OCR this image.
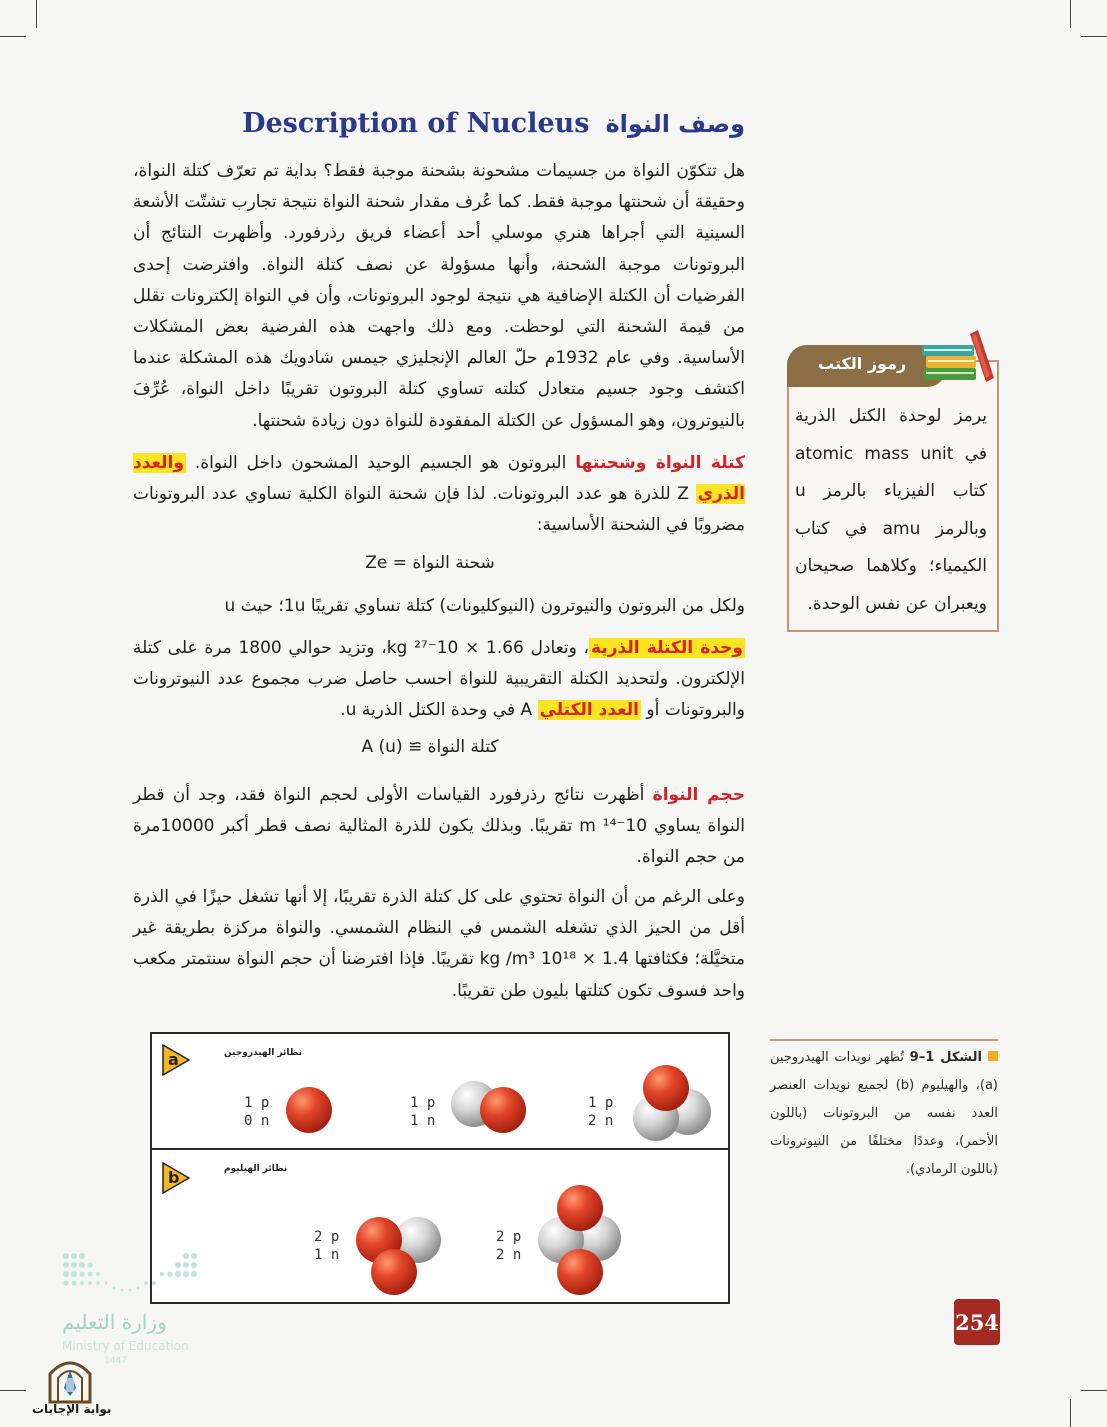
وصف النواة
Description of Nucleus

هل تتكوّن النواة من جسيمات مشحونة بشحنة موجبة فقط؟ بداية تم تعرّف كتلة النواة، وحقيقة أن شحنتها موجبة فقط. كما عُرف مقدار شحنة النواة نتيجة تجارب تشتّت الأشعة السينية التي أجراها هنري موسلي أحد أعضاء فريق رذرفورد. وأظهرت النتائج أن البروتونات موجبة الشحنة، وأنها مسؤولة عن نصف كتلة النواة. وافترضت إحدى الفرضيات أن الكتلة الإضافية هي نتيجة لوجود البروتونات، وأن في النواة إلكترونات تقلل من قيمة الشحنة التي لوحظت. ومع ذلك واجهت هذه الفرضية بعض المشكلات الأساسية. وفي عام 1932م حلّ العالم الإنجليزي جيمس شادويك هذه المشكلة عندما اكتشف وجود جسيم متعادل كتلته تساوي كتلة البروتون تقريبًا داخل النواة، عُرِّفَ بالنيوترون، وهو المسؤول عن الكتلة المفقودة للنواة دون زيادة شحنتها.

كتلة النواة وشحنتها البروتون هو الجسيم الوحيد المشحون داخل النواة. والعدد الذري Z للذرة هو عدد البروتونات. لذا فإن شحنة النواة الكلية تساوي عدد البروتونات مضروبًا في الشحنة الأساسية:

شحنة النواة = Ze

ولكل من البروتون والنيوترون (النيوكليونات) كتلة تساوي تقريبًا 1u؛ حيث u

وحدة الكتلة الذرية، وتعادل 1.66 × 10⁻²⁷ kg، وتزيد حوالي 1800 مرة على كتلة الإلكترون. ولتحديد الكتلة التقريبية للنواة احسب حاصل ضرب مجموع عدد النيوترونات والبروتونات أو العدد الكتلي A في وحدة الكتل الذرية u.

كتلة النواة ≅ A (u)

حجم النواة أظهرت نتائج رذرفورد القياسات الأولى لحجم النواة فقد، وجد أن قطر النواة يساوي 10⁻¹⁴ m تقريبًا. وبذلك يكون للذرة المثالية نصف قطر أكبر 10000مرة من حجم النواة.

وعلى الرغم من أن النواة تحتوي على كل كتلة الذرة تقريبًا، إلا أنها تشغل حيزًا في الذرة أقل من الحيز الذي تشغله الشمس في النظام الشمسي. والنواة مركزة بطريقة غير متخيَّلة؛ فكثافتها 1.4 × 10¹⁸ kg /m³ تقريبًا. فإذا افترضنا أن حجم النواة سنتمتر مكعب واحد فسوف تكون كتلتها بليون طن تقريبًا.

رموز الكتب

يرمز لوحدة الكتل الذرية في atomic mass unit كتاب الفيزياء بالرمز u وبالرمز amu في كتاب الكيمياء؛ وكلاهما صحيحان ويعبران عن نفس الوحدة.

a	نظائر الهيدروجين
1 p
0 n
1 p
1 n
1 p
2 n
b	نظائر الهيليوم
2 p
1 n
2 p
2 n

الشكل 1–9 تُظهر نويدات الهيدروجين (a)، والهيليوم (b) لجميع نويدات العنصر العدد نفسه من البروتونات (باللون الأحمر)، وعددًا مختلفًا من النيوترونات (باللون الرمادي).

254
وزارة التعليم
Ministry of Education
1447
بوابة الإجابات
